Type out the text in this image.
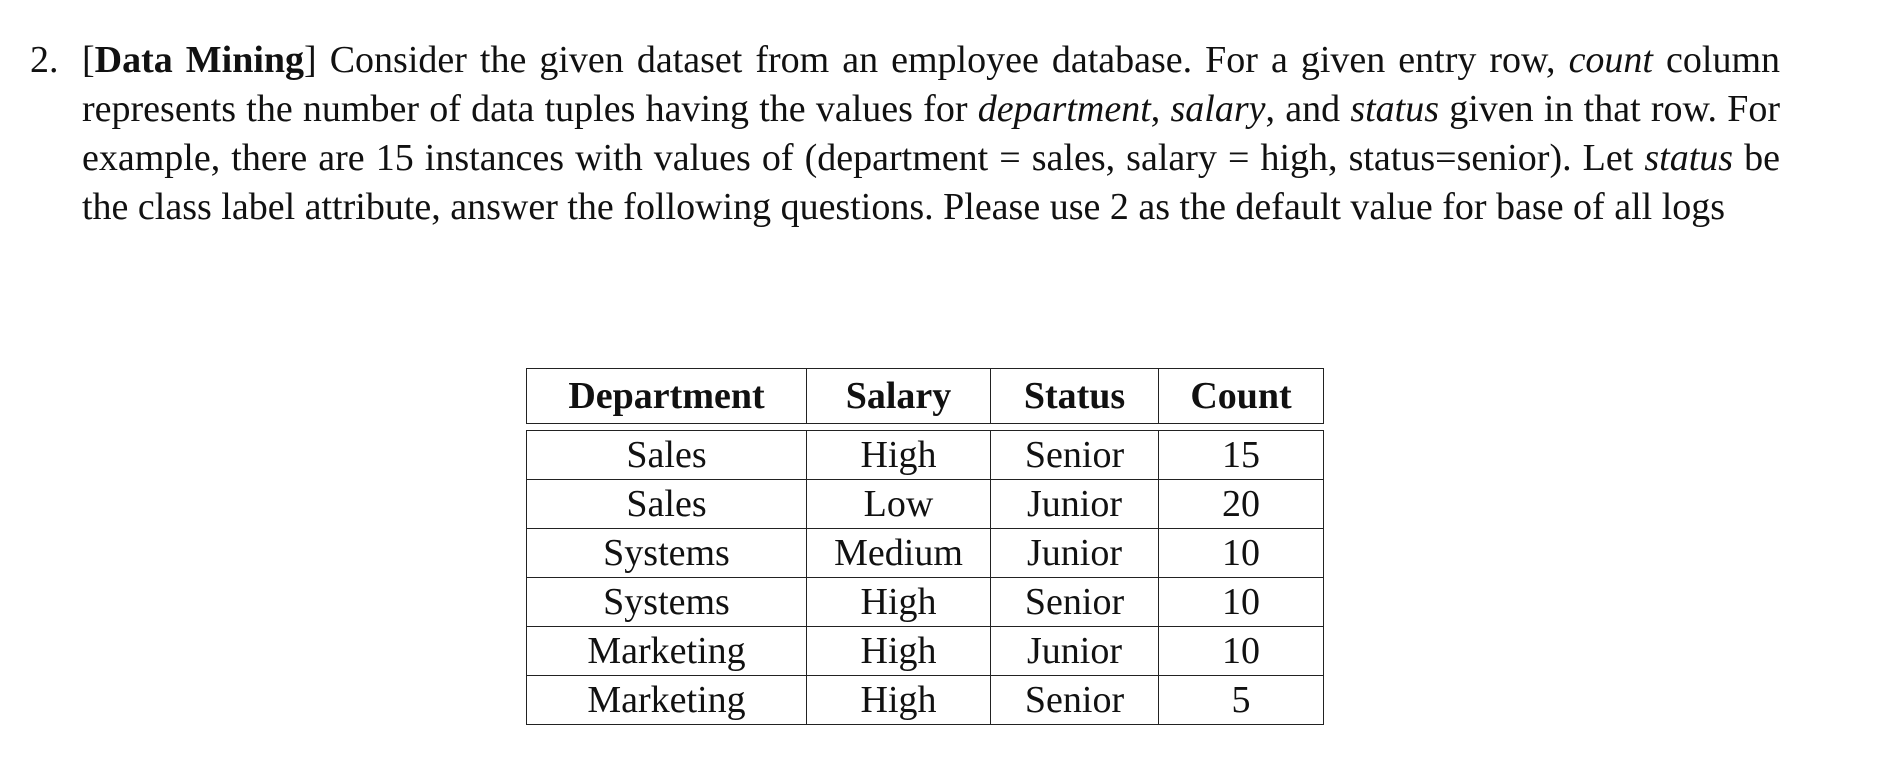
2. [Data Mining] Consider the given dataset from an employee database. For a given entry row, count column represents the number of data tuples having the values for department, salary, and status given in that row. For example, there are 15 instances with values of (department = sales, salary = high, status=senior). Let status be the class label attribute, answer the following questions. Please use 2 as the default value for base of all logs
Department	Salary	Status	Count

Sales	High	Senior	15
Sales	Low	Junior	20
Systems	Medium	Junior	10
Systems	High	Senior	10
Marketing	High	Junior	10
Marketing	High	Senior	5
